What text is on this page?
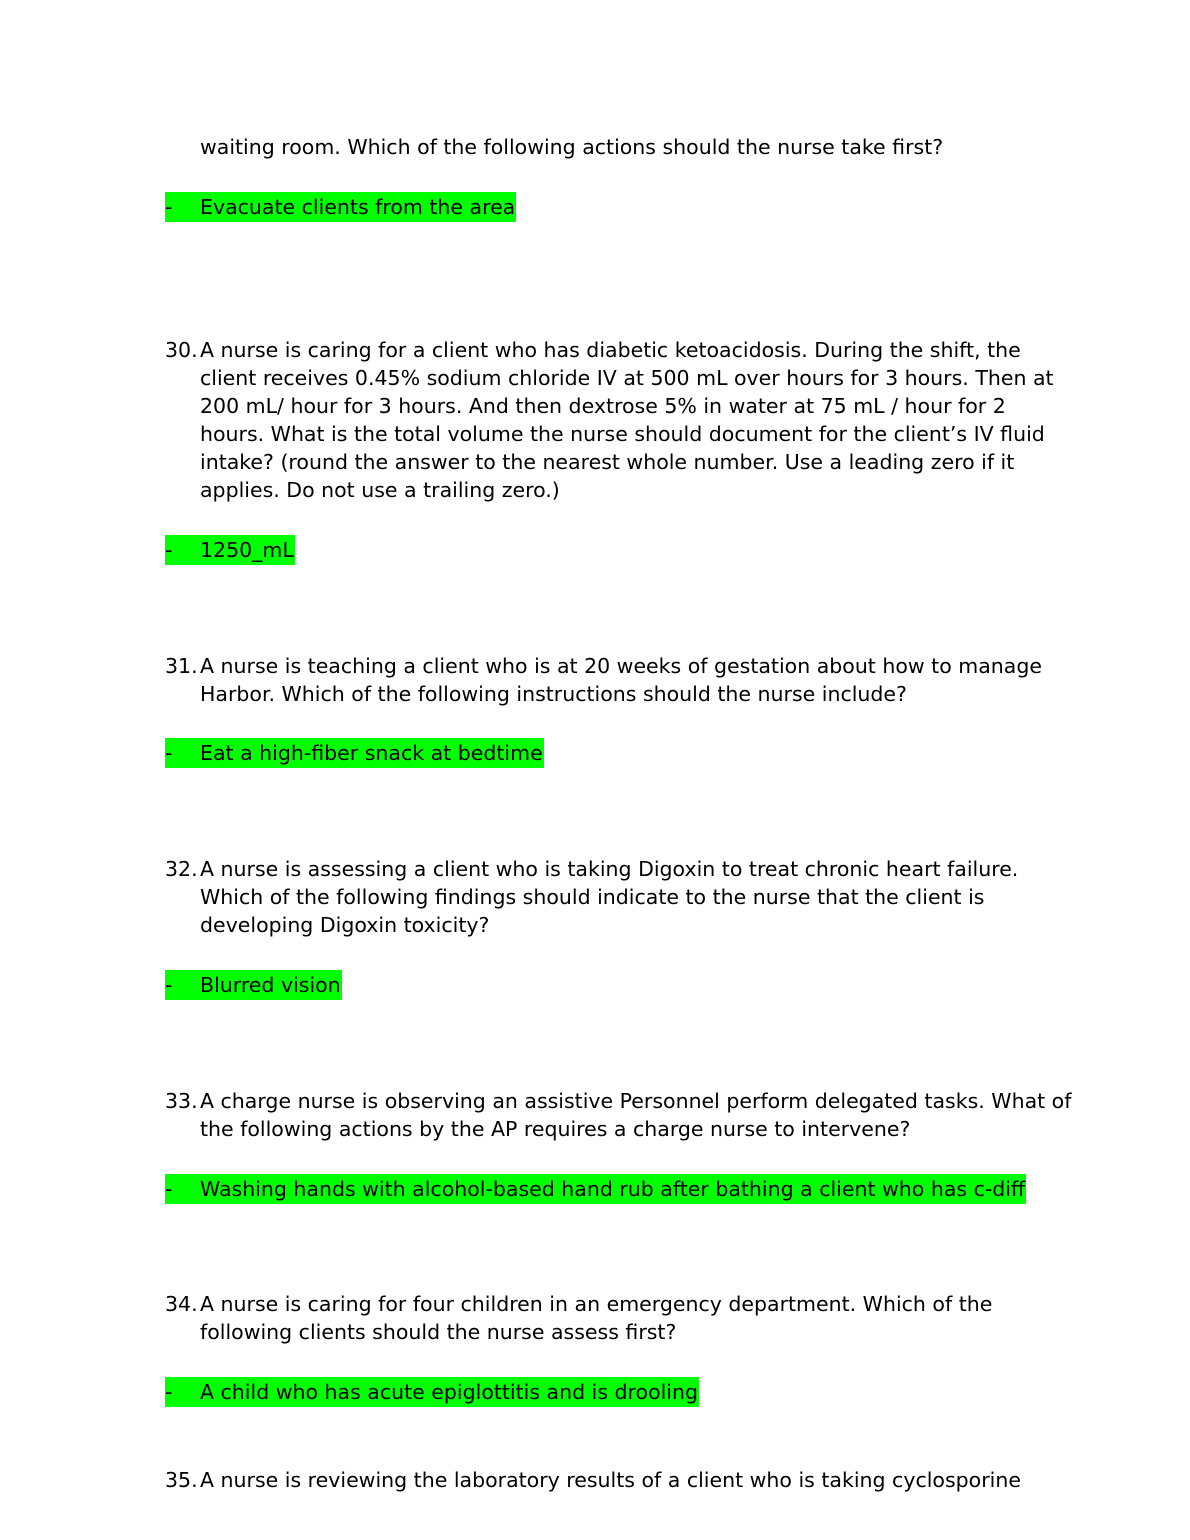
waiting room. Which of the following actions should the nurse take first?
-	Evacuate clients from the area
30. A nurse is caring for a client who has diabetic ketoacidosis. During the shift, the client receives 0.45% sodium chloride IV at 500 mL over hours for 3 hours. Then at 200 mL/ hour for 3 hours. And then dextrose 5% in water at 75 mL / hour for 2 hours. What is the total volume the nurse should document for the client’s IV fluid intake? (round the answer to the nearest whole number. Use a leading zero if it applies. Do not use a trailing zero.)
-	1250_mL
31. A nurse is teaching a client who is at 20 weeks of gestation about how to manage Harbor. Which of the following instructions should the nurse include?
-	Eat a high-fiber snack at bedtime
32. A nurse is assessing a client who is taking Digoxin to treat chronic heart failure. Which of the following findings should indicate to the nurse that the client is developing Digoxin toxicity?
-	Blurred vision
33. A charge nurse is observing an assistive Personnel perform delegated tasks. What of the following actions by the AP requires a charge nurse to intervene?
-	Washing hands with alcohol-based hand rub after bathing a client who has c-diff
34. A nurse is caring for four children in an emergency department. Which of the following clients should the nurse assess first?
-	A child who has acute epiglottitis and is drooling
35. A nurse is reviewing the laboratory results of a client who is taking cyclosporine
